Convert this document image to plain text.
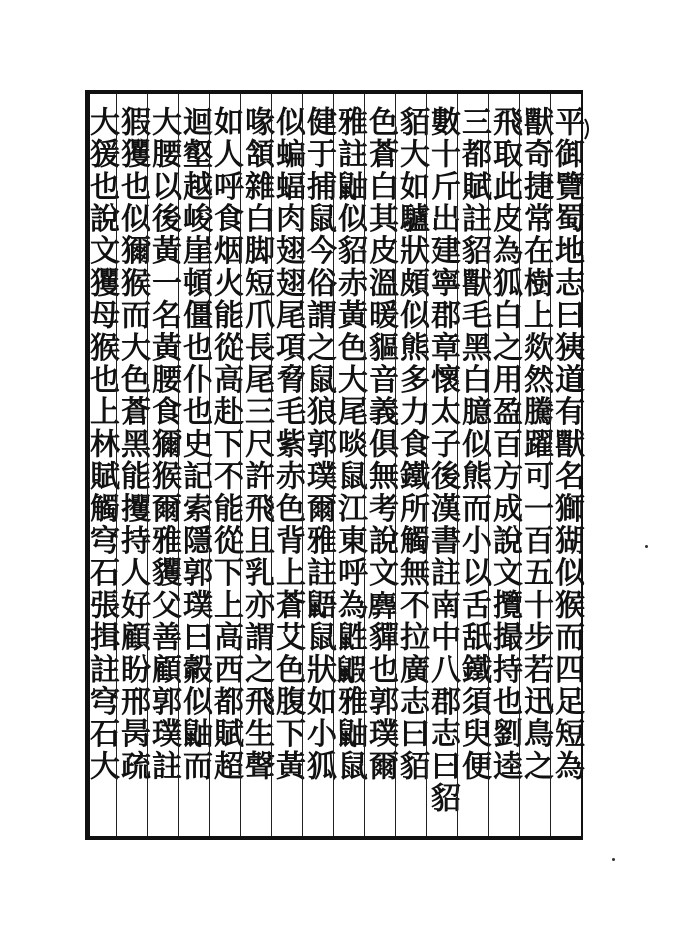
平御覽蜀地志曰㹫道有獸名獅猢似猴而四足短為
獸奇捷常在樹上欻然騰躍可一百五十步若迅鳥之
飛取此皮為狐白之用盈百方成說文攬撮持也劉逵
三都賦註貂獸毛黑白臆似熊而小以舌舐鐵須臾便
數十斤出建寧郡章懷太子後漢書註南中八郡志曰貂
貊大如驢狀頗似熊多力食鐵所觸無不拉廣志曰貊
色蒼白其皮溫暖貙音義俱無考說文𪊑貚也郭璞爾
雅註鼬似貂赤黃色大尾啖鼠江東呼為鼪𪕰雅鼬鼠
健于捕鼠今俗謂之鼠狼郭璞爾雅註鼯鼠狀如小狐
似蝙蝠肉翅翅尾項脅毛紫赤色背上蒼艾色腹下黃
喙頷雜白脚短爪長尾三尺許飛且乳亦謂之飛生聲
如人呼食烟火能從高赴下不能從下上高西都賦超
迴壑越峻崖頓僵也仆也史記索隱郭璞曰㲉似鼬而
大腰以後黃一名黃腰食獮猴爾雅貜父善顧郭璞註
猳玃也似獮猴而大色蒼黑能攫持人好顧盼邢昺疏
大猨也說文玃母猴也上林賦觸穹石張揖註穹石大
